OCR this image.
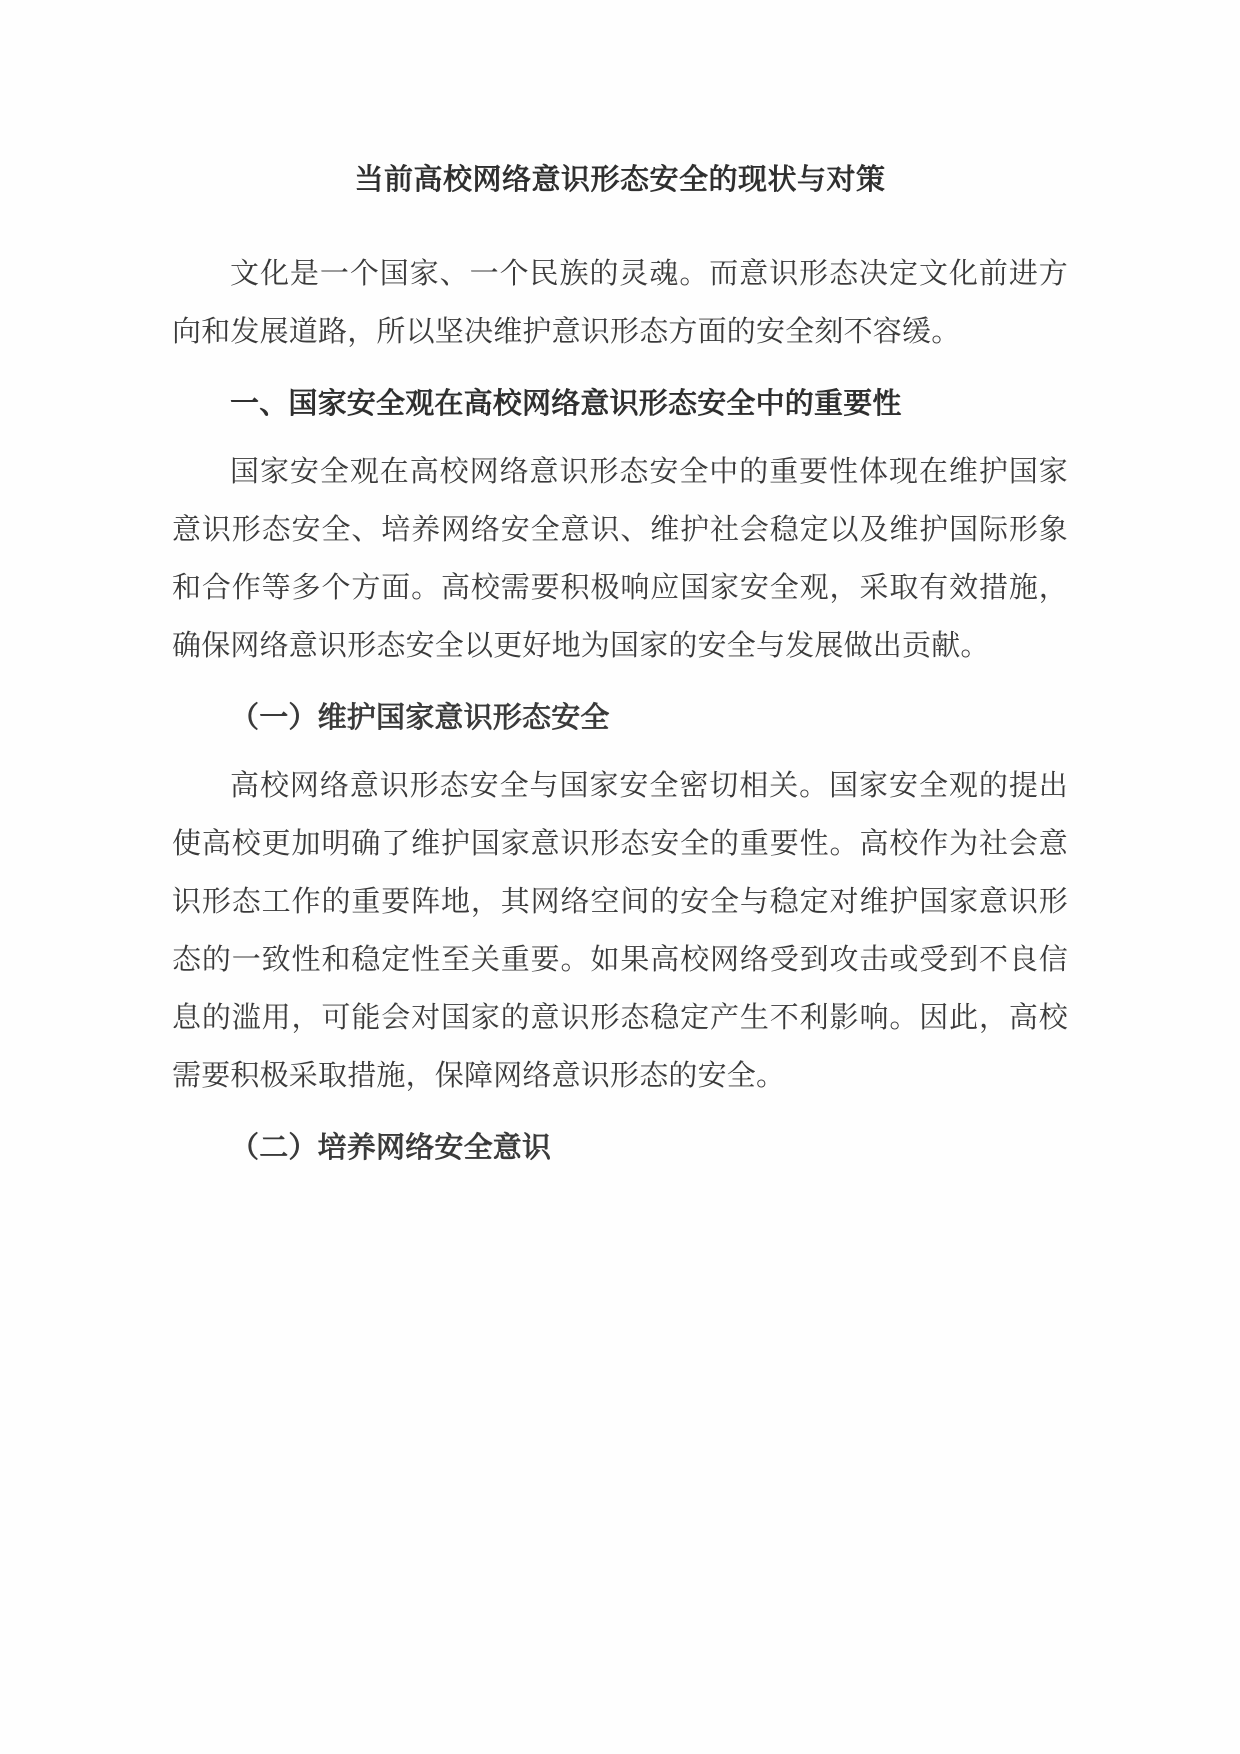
当前高校网络意识形态安全的现状与对策

文化是一个国家、一个民族的灵魂。而意识形态决定文化前进方向和发展道路，所以坚决维护意识形态方面的安全刻不容缓。

一、国家安全观在高校网络意识形态安全中的重要性

国家安全观在高校网络意识形态安全中的重要性体现在维护国家意识形态安全、培养网络安全意识、维护社会稳定以及维护国际形象和合作等多个方面。高校需要积极响应国家安全观，采取有效措施，确保网络意识形态安全以更好地为国家的安全与发展做出贡献。

（一）维护国家意识形态安全

高校网络意识形态安全与国家安全密切相关。国家安全观的提出使高校更加明确了维护国家意识形态安全的重要性。高校作为社会意识形态工作的重要阵地，其网络空间的安全与稳定对维护国家意识形态的一致性和稳定性至关重要。如果高校网络受到攻击或受到不良信息的滥用，可能会对国家的意识形态稳定产生不利影响。因此，高校需要积极采取措施，保障网络意识形态的安全。

（二）培养网络安全意识
